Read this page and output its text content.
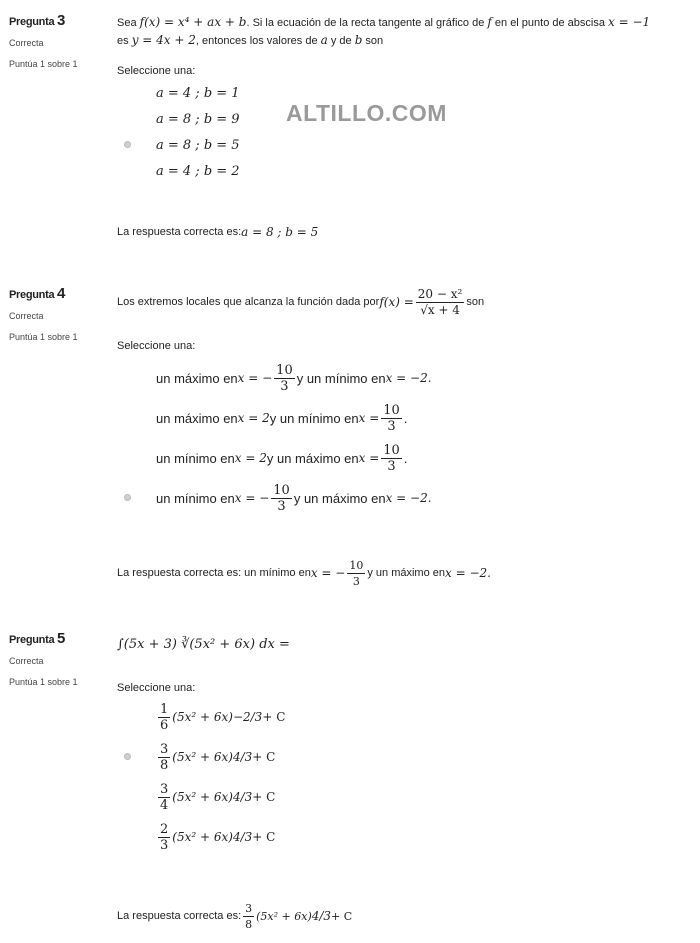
ALTILLO.COM
Pregunta 3
Correcta
Puntúa 1 sobre 1
Sea f(x) = x⁴ + ax + b. Si la ecuación de la recta tangente al gráfico de f en el punto de abscisa x = −1
es y = 4x + 2, entonces los valores de a y de b son
Seleccione una:
a = 4 ; b = 1
a = 8 ; b = 9
a = 8 ; b = 5
a = 4 ; b = 2
La respuesta correcta es: a = 8 ; b = 5
Pregunta 4
Correcta
Puntúa 1 sobre 1
Los extremos locales que alcanza la función dada por $f(x) = \frac{\text{20 − x²}}{√x + 4}$ son
Seleccione una:
un máximo en x = − $\frac{10}{3}$ y un mínimo en x = −2.
un máximo en x = 2 y un mínimo en $x = \frac{10}{3}$ .
un mínimo en x = 2 y un máximo en $x = \frac{10}{3}$ .
un mínimo en x = − $\frac{10}{3}$ y un máximo en x = −2.
La respuesta correcta es: un mínimo en x = − $\frac{10}{3}$ y un máximo en x = −2.
Pregunta 5
Correcta
Puntúa 1 sobre 1
∫(5x + 3) ∛(5x² + 6x) dx =
Seleccione una:
$\frac{1}{6} (5x^2 + 6x) -2/3 + C$
$\frac{3}{8} (5x^2 + 6x) 4/3 + C$
$\frac{3}{4} (5x^2 + 6x) 4/3 + C$
$\frac{2}{3} (5x^2 + 6x) 4/3 + C$
La respuesta correcta es: $\frac{3}{8} (5x^2 + 6x) 4/3 + C$
